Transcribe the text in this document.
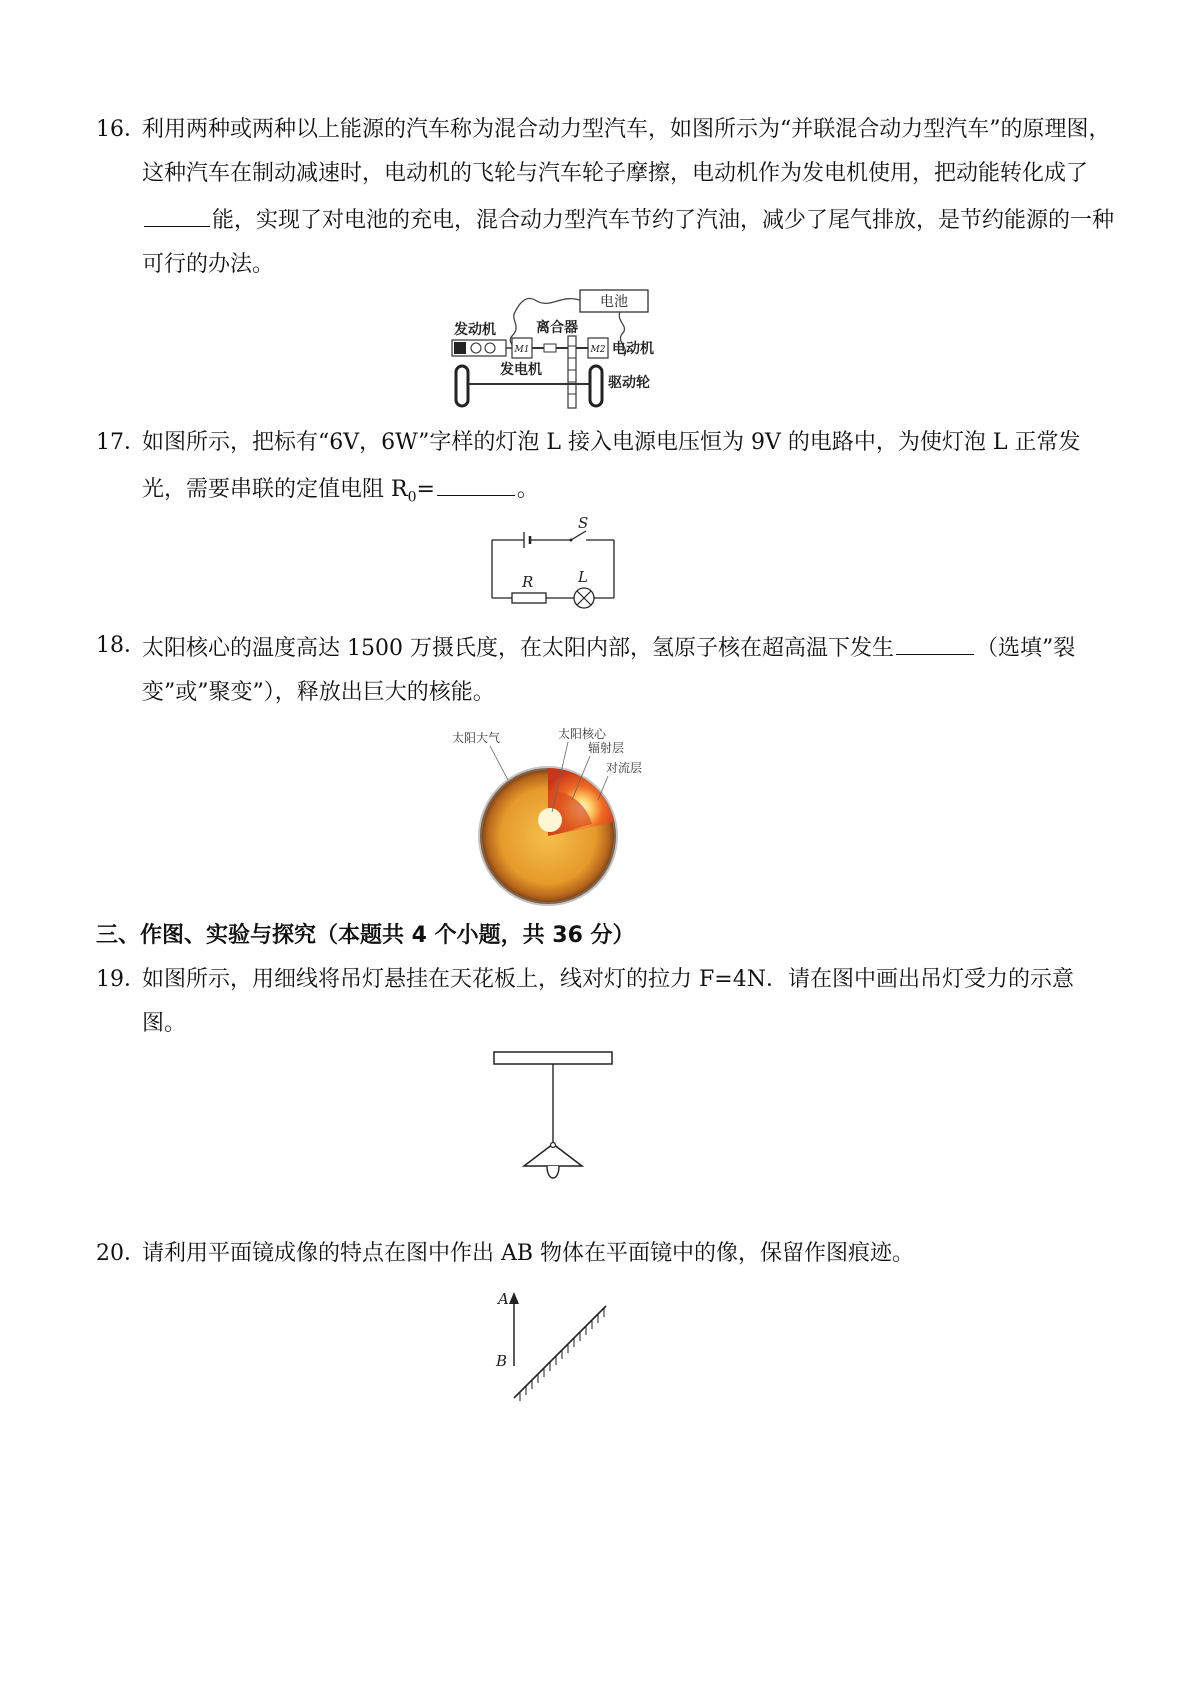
16．
利用两种或两种以上能源的汽车称为混合动力型汽车，如图所示为“并联混合动力型汽车”的原理图，这种汽车在制动减速时，电动机的飞轮与汽车轮子摩擦，电动机作为发电机使用，把动能转化成了能，实现了对电池的充电，混合动力型汽车节约了汽油，减少了尾气排放，是节约能源的一种可行的办法。
电池
发动机
M1
离合器
M2 电动机
发电机
驱动轮
17．
如图所示，把标有“6V，6W”字样的灯泡 L 接入电源电压恒为 9V 的电路中，为使灯泡 L 正常发光，需要串联的定值电阻 $R_0=$	。
S
R	L
18．
太阳核心的温度高达 1500 万摄氏度，在太阳内部，氢原子核在超高温下发生	（选填”裂变”或”聚变”），释放出巨大的核能。
太阳大气	太阳核心
辐射层
对流层
三、作图、实验与探究（本题共 4 个小题，共 36 分）
19．
如图所示，用细线将吊灯悬挂在天花板上，线对灯的拉力 F=4N．请在图中画出吊灯受力的示意图。
20．
请利用平面镜成像的特点在图中作出 AB 物体在平面镜中的像，保留作图痕迹。
A
B
